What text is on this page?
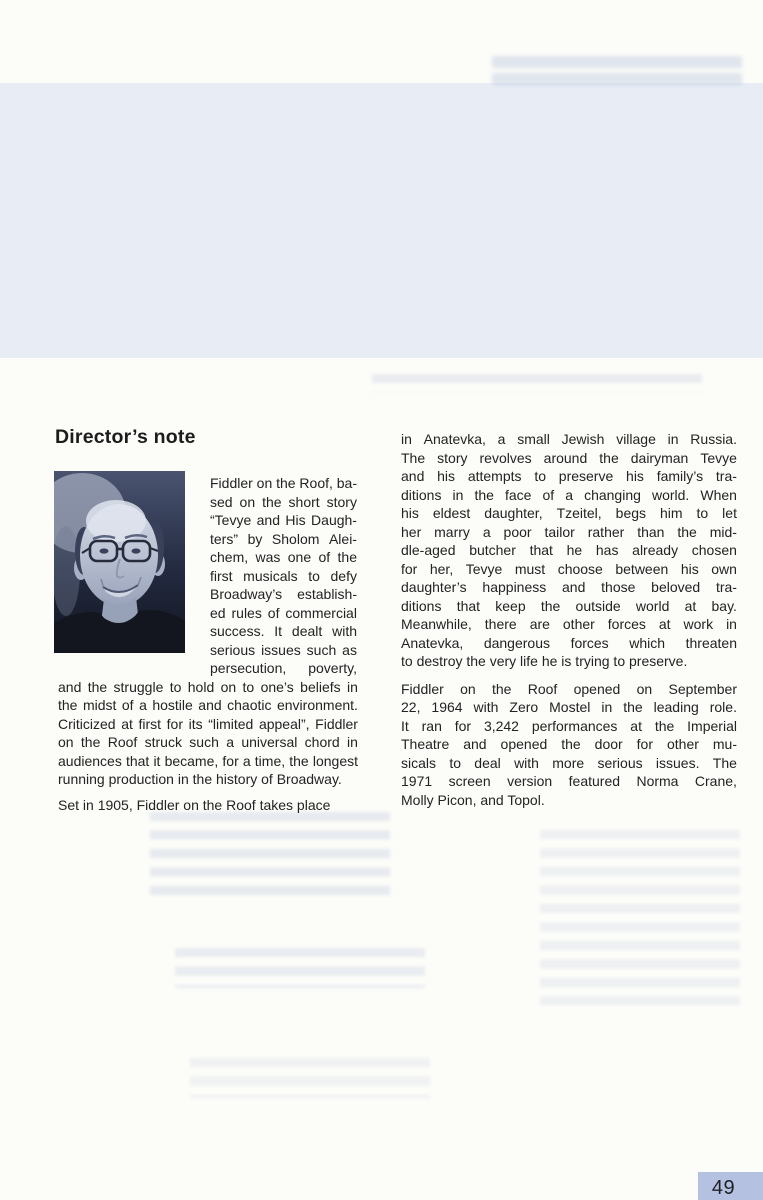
Director’s note
Fiddler on the Roof, ba-
sed on the short story
“Tevye and His Daugh-
ters” by Sholom Alei-
chem, was one of the
first musicals to defy
Broadway’s establish-
ed rules of commercial
success. It dealt with
serious issues such as
persecution, poverty,
and the struggle to hold on to one’s beliefs in
the midst of a hostile and chaotic environment.
Criticized at first for its “limited appeal”, Fiddler
on the Roof struck such a universal chord in
audiences that it became, for a time, the longest
running production in the history of Broadway.
Set in 1905, Fiddler on the Roof takes place
in Anatevka, a small Jewish village in Russia.
The story revolves around the dairyman Tevye
and his attempts to preserve his family’s tra-
ditions in the face of a changing world. When
his eldest daughter, Tzeitel, begs him to let
her marry a poor tailor rather than the mid-
dle-aged butcher that he has already chosen
for her, Tevye must choose between his own
daughter’s happiness and those beloved tra-
ditions that keep the outside world at bay.
Meanwhile, there are other forces at work in
Anatevka, dangerous forces which threaten
to destroy the very life he is trying to preserve.
Fiddler on the Roof opened on September
22, 1964 with Zero Mostel in the leading role.
It ran for 3,242 performances at the Imperial
Theatre and opened the door for other mu-
sicals to deal with more serious issues. The
1971 screen version featured Norma Crane,
Molly Picon, and Topol.
49
